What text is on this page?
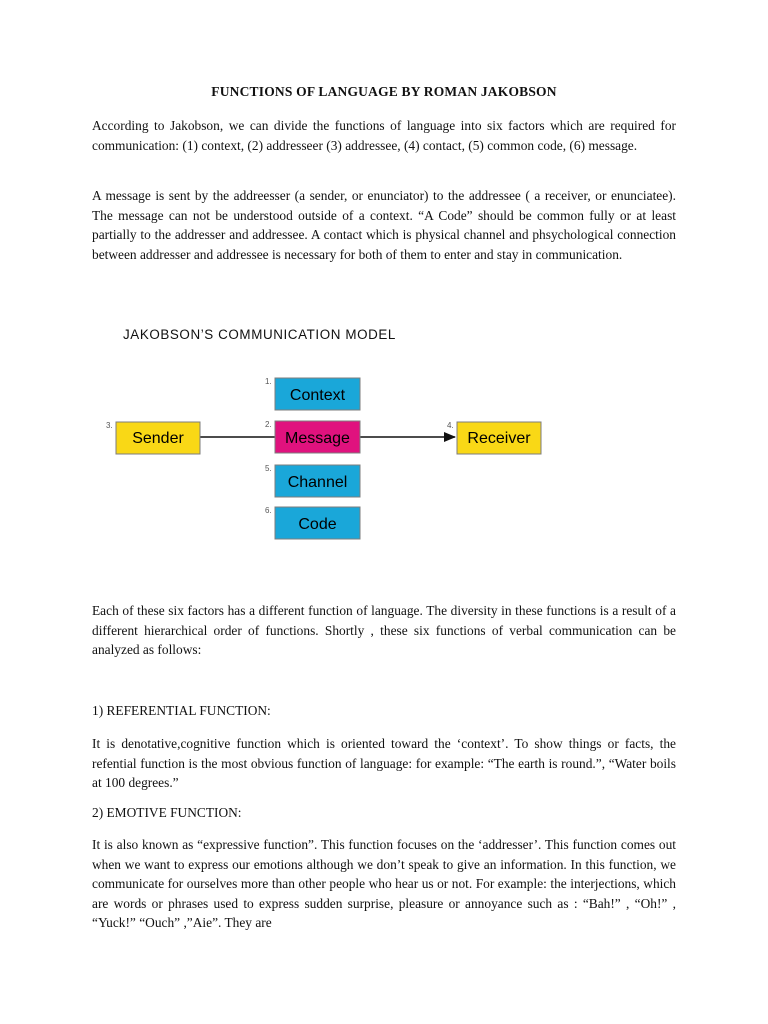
FUNCTIONS OF LANGUAGE BY ROMAN JAKOBSON

According to Jakobson, we can divide the functions of language into six factors which are required for communication: (1) context, (2) addresseer (3) addressee, (4) contact, (5) common code, (6) message.

A message is sent by the addreesser (a sender, or enunciator) to the addressee ( a receiver, or enunciatee). The message can not be understood outside of a context. “A Code” should be common fully or at least partially to the addresser and addressee. A contact which is physical channel and phsychological connection between addresser and addressee is necessary for both of them to enter and stay in communication.

JAKOBSON’S COMMUNICATION MODEL
1.
Context
2.
Message
3.
Sender
4.
Receiver
5.
Channel
6.
Code

Each of these six factors has a different function of language. The diversity in these functions is a result of a different hierarchical order of functions. Shortly , these six functions of verbal communication can be analyzed as follows:

1) REFERENTIAL FUNCTION:

It is denotative,cognitive function which is oriented toward the ‘context’. To show things or facts, the refential function is the most obvious function of language: for example: “The earth is round.”, “Water boils at 100 degrees.”

2) EMOTIVE FUNCTION:

It is also known as “expressive function”. This function focuses on the ‘addresser’. This function comes out when we want to express our emotions although we don’t speak to give an information. In this function, we communicate for ourselves more than other people who hear us or not. For example: the interjections, which are words or phrases used to express sudden surprise, pleasure or annoyance such as : “Bah!” , “Oh!” , “Yuck!” “Ouch” ,”Aie”. They are
